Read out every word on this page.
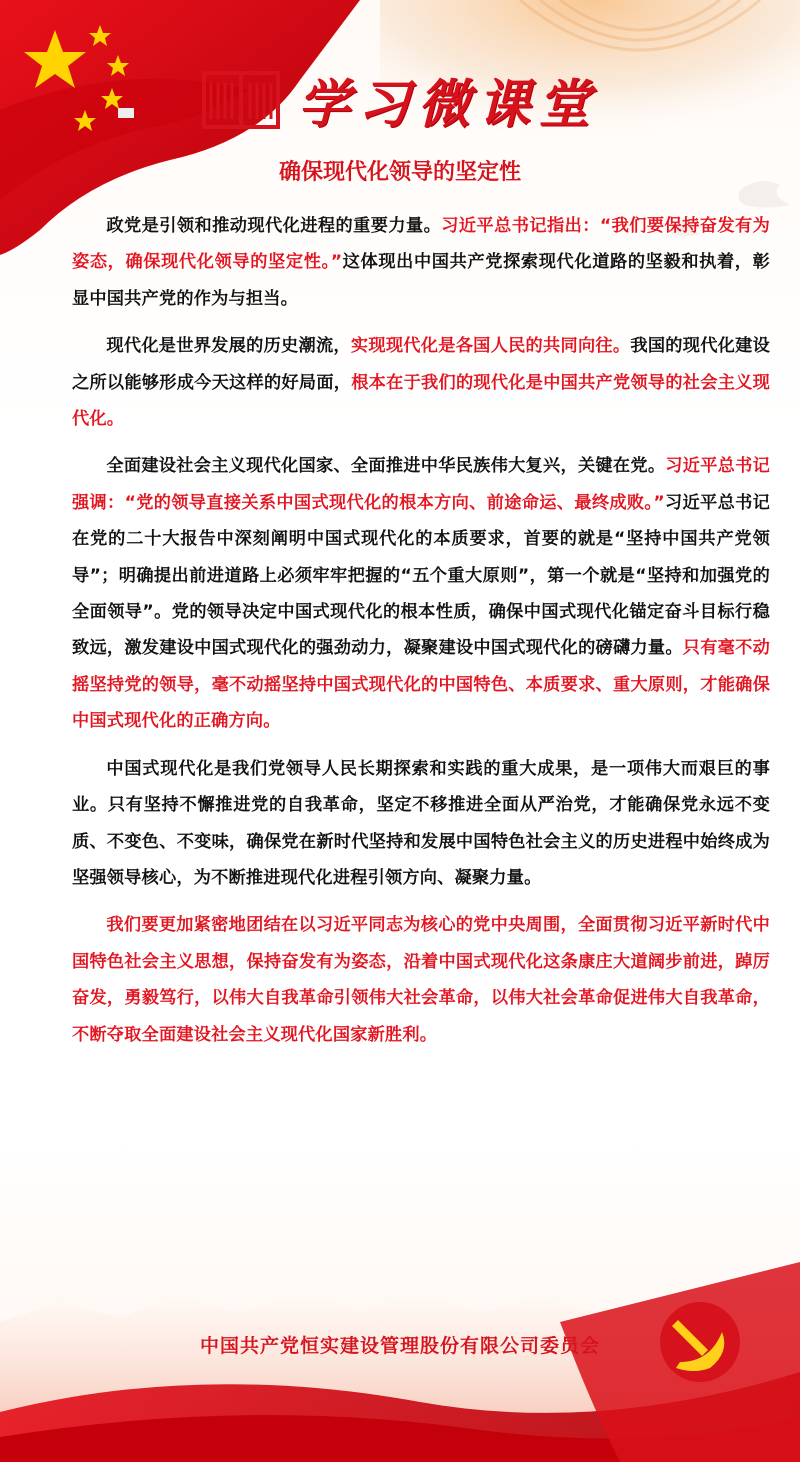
学习微课堂
确保现代化领导的坚定性

政党是引领和推动现代化进程的重要力量。习近平总书记指出：“我们要保持奋发有为姿态，确保现代化领导的坚定性。”这体现出中国共产党探索现代化道路的坚毅和执着，彰显中国共产党的作为与担当。

现代化是世界发展的历史潮流，实现现代化是各国人民的共同向往。我国的现代化建设之所以能够形成今天这样的好局面，根本在于我们的现代化是中国共产党领导的社会主义现代化。

全面建设社会主义现代化国家、全面推进中华民族伟大复兴，关键在党。习近平总书记强调：“党的领导直接关系中国式现代化的根本方向、前途命运、最终成败。”习近平总书记在党的二十大报告中深刻阐明中国式现代化的本质要求，首要的就是“坚持中国共产党领导”；明确提出前进道路上必须牢牢把握的“五个重大原则”，第一个就是“坚持和加强党的全面领导”。党的领导决定中国式现代化的根本性质，确保中国式现代化锚定奋斗目标行稳致远，激发建设中国式现代化的强劲动力，凝聚建设中国式现代化的磅礴力量。只有毫不动摇坚持党的领导，毫不动摇坚持中国式现代化的中国特色、本质要求、重大原则，才能确保中国式现代化的正确方向。

中国式现代化是我们党领导人民长期探索和实践的重大成果，是一项伟大而艰巨的事业。只有坚持不懈推进党的自我革命，坚定不移推进全面从严治党，才能确保党永远不变质、不变色、不变味，确保党在新时代坚持和发展中国特色社会主义的历史进程中始终成为坚强领导核心，为不断推进现代化进程引领方向、凝聚力量。

我们要更加紧密地团结在以习近平同志为核心的党中央周围，全面贯彻习近平新时代中国特色社会主义思想，保持奋发有为姿态，沿着中国式现代化这条康庄大道阔步前进，踔厉奋发，勇毅笃行，以伟大自我革命引领伟大社会革命，以伟大社会革命促进伟大自我革命，不断夺取全面建设社会主义现代化国家新胜利。

中国共产党恒实建设管理股份有限公司委员会
